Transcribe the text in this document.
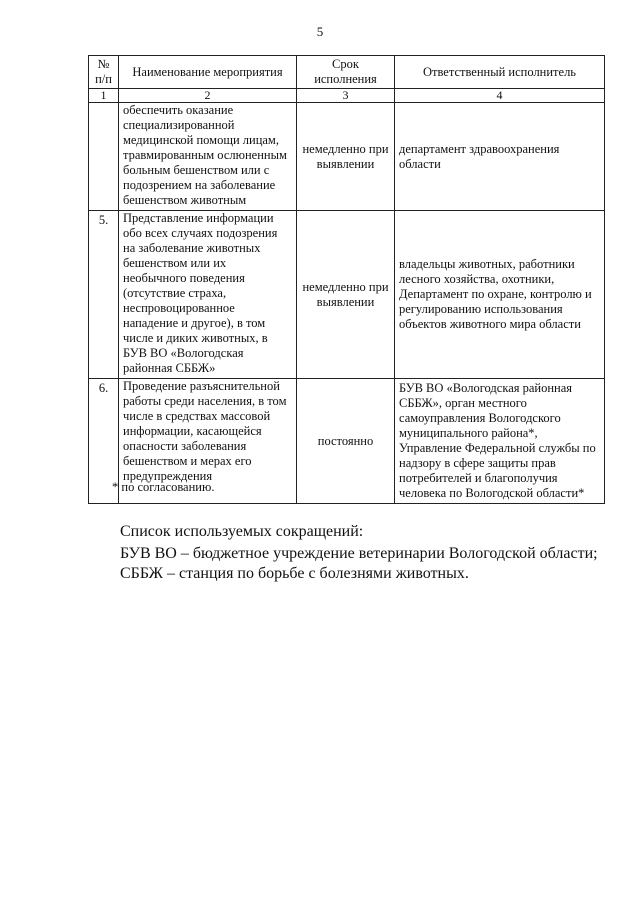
5
№ п/п	Наименование мероприятия	Срок исполнения	Ответственный исполнитель
1	2	3	4
	обеспечить оказание специализированной медицинской помощи лицам, травмированным ослюненным больным бешенством или с подозрением на заболевание бешенством животным	немедленно при выявлении	департамент здравоохранения области
5.	Представление информации обо всех случаях подозрения на заболевание животных бешенством или их необычного поведения (отсутствие страха, неспровоцированное нападение и другое), в том числе и диких животных, в БУВ ВО «Вологодская районная СББЖ»	немедленно при выявлении	владельцы животных, работники лесного хозяйства, охотники, Департамент по охране, контролю и регулированию использования объектов животного мира области
6.	Проведение разъяснительной работы среди населения, в том числе в средствах массовой информации, касающейся опасности заболевания бешенством и мерах его предупреждения	постоянно	БУВ ВО «Вологодская районная СББЖ», орган местного самоуправления Вологодского муниципального района*, Управление Федеральной службы по надзору в сфере защиты прав потребителей и благополучия человека по Вологодской области*
* по согласованию.
Список используемых сокращений:
БУВ ВО – бюджетное учреждение ветеринарии Вологодской области;
СББЖ – станция по борьбе с болезнями животных.
